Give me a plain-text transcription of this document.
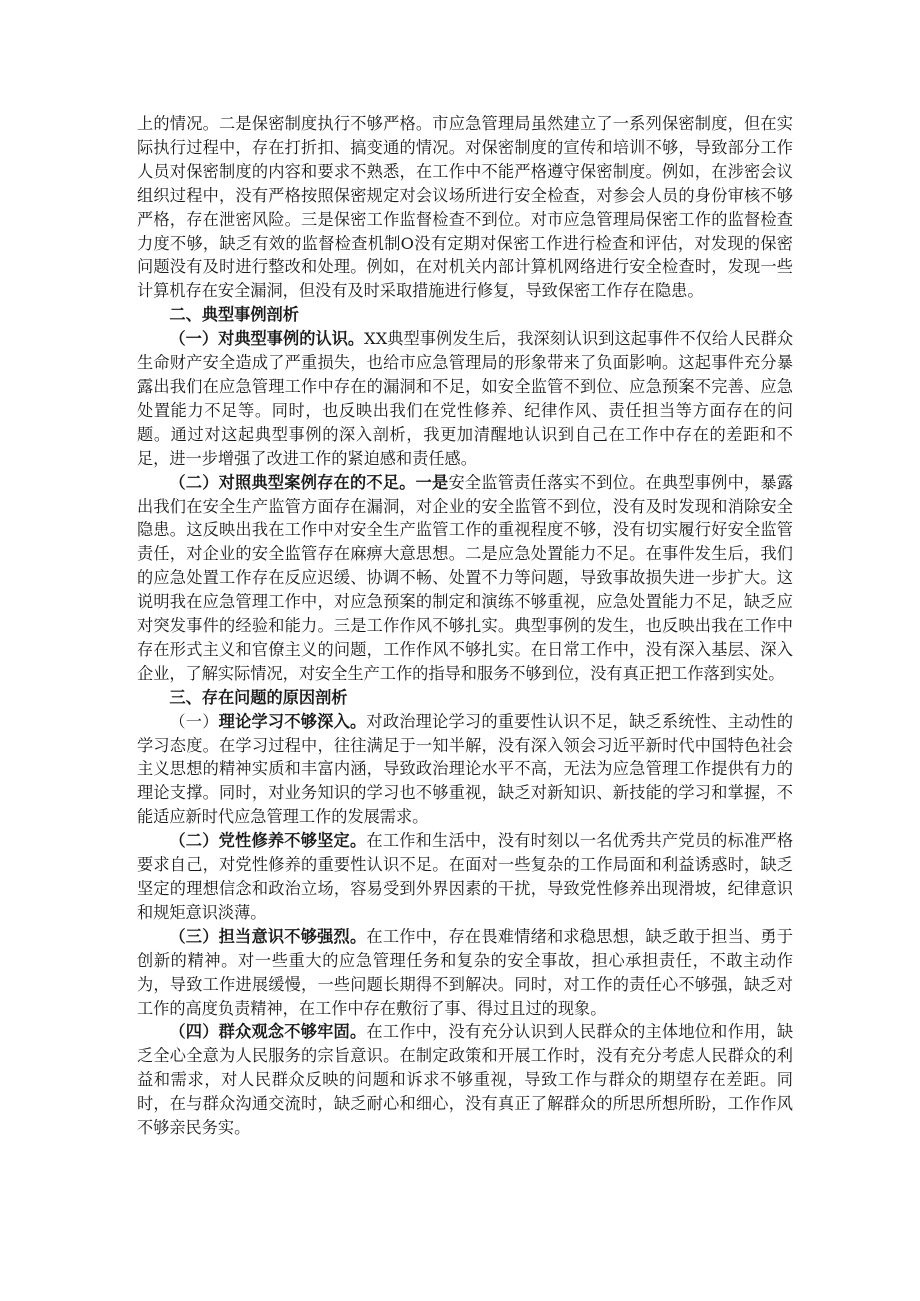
上的情况。二是保密制度执行不够严格。市应急管理局虽然建立了一系列保密制度，但在实际执行过程中，存在打折扣、搞变通的情况。对保密制度的宣传和培训不够，导致部分工作人员对保密制度的内容和要求不熟悉，在工作中不能严格遵守保密制度。例如，在涉密会议组织过程中，没有严格按照保密规定对会议场所进行安全检查，对参会人员的身份审核不够严格，存在泄密风险。三是保密工作监督检查不到位。对市应急管理局保密工作的监督检查力度不够，缺乏有效的监督检查机制O没有定期对保密工作进行检查和评估，对发现的保密问题没有及时进行整改和处理。例如，在对机关内部计算机网络进行安全检查时，发现一些计算机存在安全漏洞，但没有及时采取措施进行修复，导致保密工作存在隐患。

二、典型事例剖析

（一）对典型事例的认识。XX典型事例发生后，我深刻认识到这起事件不仅给人民群众生命财产安全造成了严重损失，也给市应急管理局的形象带来了负面影响。这起事件充分暴露出我们在应急管理工作中存在的漏洞和不足，如安全监管不到位、应急预案不完善、应急处置能力不足等。同时，也反映出我们在党性修养、纪律作风、责任担当等方面存在的问题。通过对这起典型事例的深入剖析，我更加清醒地认识到自己在工作中存在的差距和不足，进一步增强了改进工作的紧迫感和责任感。

（二）对照典型案例存在的不足。一是安全监管责任落实不到位。在典型事例中，暴露出我们在安全生产监管方面存在漏洞，对企业的安全监管不到位，没有及时发现和消除安全隐患。这反映出我在工作中对安全生产监管工作的重视程度不够，没有切实履行好安全监管责任，对企业的安全监管存在麻痹大意思想。二是应急处置能力不足。在事件发生后，我们的应急处置工作存在反应迟缓、协调不畅、处置不力等问题，导致事故损失进一步扩大。这说明我在应急管理工作中，对应急预案的制定和演练不够重视，应急处置能力不足，缺乏应对突发事件的经验和能力。三是工作作风不够扎实。典型事例的发生，也反映出我在工作中存在形式主义和官僚主义的问题，工作作风不够扎实。在日常工作中，没有深入基层、深入企业，了解实际情况，对安全生产工作的指导和服务不够到位，没有真正把工作落到实处。

三、存在问题的原因剖析

（一）理论学习不够深入。对政治理论学习的重要性认识不足，缺乏系统性、主动性的学习态度。在学习过程中，往往满足于一知半解，没有深入领会习近平新时代中国特色社会主义思想的精神实质和丰富内涵，导致政治理论水平不高，无法为应急管理工作提供有力的理论支撑。同时，对业务知识的学习也不够重视，缺乏对新知识、新技能的学习和掌握，不能适应新时代应急管理工作的发展需求。

（二）党性修养不够坚定。在工作和生活中，没有时刻以一名优秀共产党员的标准严格要求自己，对党性修养的重要性认识不足。在面对一些复杂的工作局面和利益诱惑时，缺乏坚定的理想信念和政治立场，容易受到外界因素的干扰，导致党性修养出现滑坡，纪律意识和规矩意识淡薄。

（三）担当意识不够强烈。在工作中，存在畏难情绪和求稳思想，缺乏敢于担当、勇于创新的精神。对一些重大的应急管理任务和复杂的安全事故，担心承担责任，不敢主动作为，导致工作进展缓慢，一些问题长期得不到解决。同时，对工作的责任心不够强，缺乏对工作的高度负责精神，在工作中存在敷衍了事、得过且过的现象。

（四）群众观念不够牢固。在工作中，没有充分认识到人民群众的主体地位和作用，缺乏全心全意为人民服务的宗旨意识。在制定政策和开展工作时，没有充分考虑人民群众的利益和需求，对人民群众反映的问题和诉求不够重视，导致工作与群众的期望存在差距。同时，在与群众沟通交流时，缺乏耐心和细心，没有真正了解群众的所思所想所盼，工作作风不够亲民务实。
